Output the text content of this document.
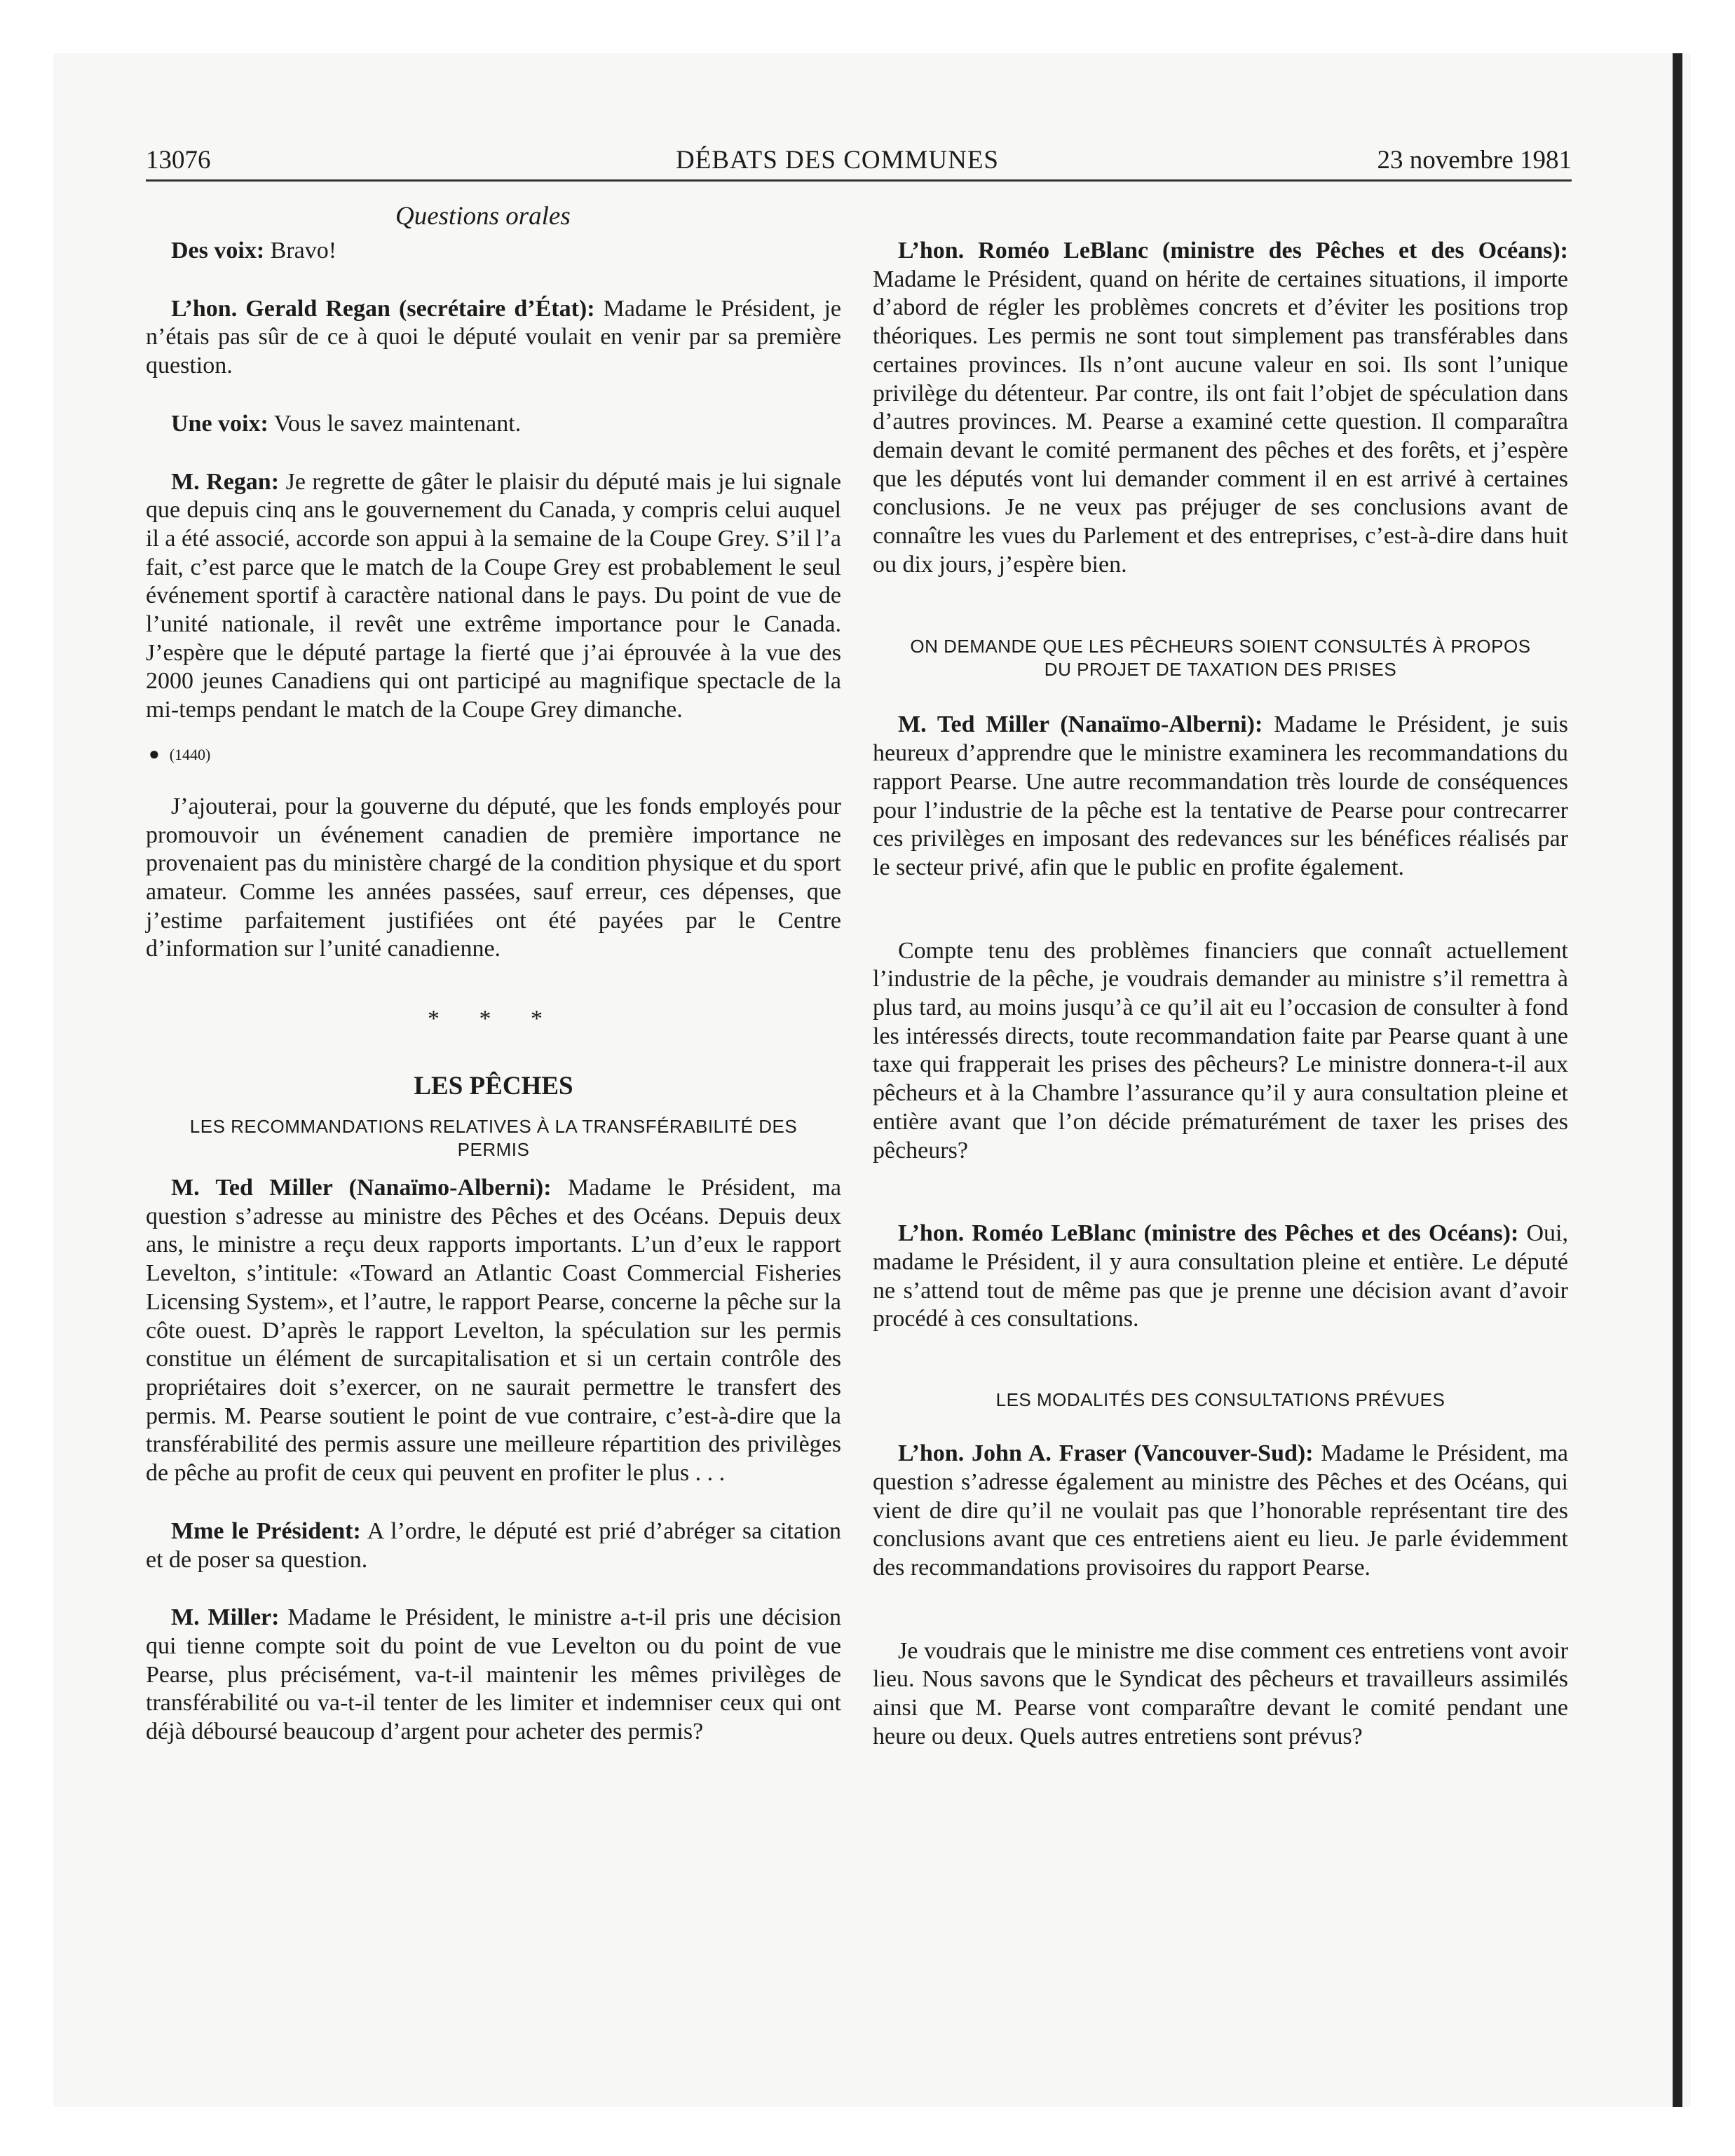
13076	DÉBATS DES COMMUNES	23 novembre 1981
Questions orales

Des voix: Bravo!

L’hon. Gerald Regan (secrétaire d’État): Madame le Président, je n’étais pas sûr de ce à quoi le député voulait en venir par sa première question.

Une voix: Vous le savez maintenant.

M. Regan: Je regrette de gâter le plaisir du député mais je lui signale que depuis cinq ans le gouvernement du Canada, y compris celui auquel il a été associé, accorde son appui à la semaine de la Coupe Grey. S’il l’a fait, c’est parce que le match de la Coupe Grey est probablement le seul événement sportif à caractère national dans le pays. Du point de vue de l’unité nationale, il revêt une extrême importance pour le Canada. J’espère que le député partage la fierté que j’ai éprouvée à la vue des 2000 jeunes Canadiens qui ont participé au magnifique spectacle de la mi-temps pendant le match de la Coupe Grey dimanche.

● (1440)

J’ajouterai, pour la gouverne du député, que les fonds employés pour promouvoir un événement canadien de première importance ne provenaient pas du ministère chargé de la condition physique et du sport amateur. Comme les années passées, sauf erreur, ces dépenses, que j’estime parfaitement justifiées ont été payées par le Centre d’information sur l’unité canadienne.

* * *

LES PÊCHES

LES RECOMMANDATIONS RELATIVES À LA TRANSFÉRABILITÉ DES PERMIS

M. Ted Miller (Nanaïmo-Alberni): Madame le Président, ma question s’adresse au ministre des Pêches et des Océans. Depuis deux ans, le ministre a reçu deux rapports importants. L’un d’eux le rapport Levelton, s’intitule: «Toward an Atlantic Coast Commercial Fisheries Licensing System», et l’autre, le rapport Pearse, concerne la pêche sur la côte ouest. D’après le rapport Levelton, la spéculation sur les permis constitue un élément de surcapitalisation et si un certain contrôle des propriétaires doit s’exercer, on ne saurait permettre le transfert des permis. M. Pearse soutient le point de vue contraire, c’est-à-dire que la transférabilité des permis assure une meilleure répartition des privilèges de pêche au profit de ceux qui peuvent en profiter le plus . . .

Mme le Président: A l’ordre, le député est prié d’abréger sa citation et de poser sa question.

M. Miller: Madame le Président, le ministre a-t-il pris une décision qui tienne compte soit du point de vue Levelton ou du point de vue Pearse, plus précisément, va-t-il maintenir les mêmes privilèges de transférabilité ou va-t-il tenter de les limiter et indemniser ceux qui ont déjà déboursé beaucoup d’argent pour acheter des permis?

L’hon. Roméo LeBlanc (ministre des Pêches et des Océans): Madame le Président, quand on hérite de certaines situations, il importe d’abord de régler les problèmes concrets et d’éviter les positions trop théoriques. Les permis ne sont tout simplement pas transférables dans certaines provinces. Ils n’ont aucune valeur en soi. Ils sont l’unique privilège du détenteur. Par contre, ils ont fait l’objet de spéculation dans d’autres provinces. M. Pearse a examiné cette question. Il comparaîtra demain devant le comité permanent des pêches et des forêts, et j’espère que les députés vont lui demander comment il en est arrivé à certaines conclusions. Je ne veux pas préjuger de ses conclusions avant de connaître les vues du Parlement et des entreprises, c’est-à-dire dans huit ou dix jours, j’espère bien.

ON DEMANDE QUE LES PÊCHEURS SOIENT CONSULTÉS À PROPOS DU PROJET DE TAXATION DES PRISES

M. Ted Miller (Nanaïmo-Alberni): Madame le Président, je suis heureux d’apprendre que le ministre examinera les recommandations du rapport Pearse. Une autre recommandation très lourde de conséquences pour l’industrie de la pêche est la tentative de Pearse pour contrecarrer ces privilèges en imposant des redevances sur les bénéfices réalisés par le secteur privé, afin que le public en profite également.

Compte tenu des problèmes financiers que connaît actuellement l’industrie de la pêche, je voudrais demander au ministre s’il remettra à plus tard, au moins jusqu’à ce qu’il ait eu l’occasion de consulter à fond les intéressés directs, toute recommandation faite par Pearse quant à une taxe qui frapperait les prises des pêcheurs? Le ministre donnera-t-il aux pêcheurs et à la Chambre l’assurance qu’il y aura consultation pleine et entière avant que l’on décide prématurément de taxer les prises des pêcheurs?

L’hon. Roméo LeBlanc (ministre des Pêches et des Océans): Oui, madame le Président, il y aura consultation pleine et entière. Le député ne s’attend tout de même pas que je prenne une décision avant d’avoir procédé à ces consultations.

LES MODALITÉS DES CONSULTATIONS PRÉVUES

L’hon. John A. Fraser (Vancouver-Sud): Madame le Président, ma question s’adresse également au ministre des Pêches et des Océans, qui vient de dire qu’il ne voulait pas que l’honorable représentant tire des conclusions avant que ces entretiens aient eu lieu. Je parle évidemment des recommandations provisoires du rapport Pearse.

Je voudrais que le ministre me dise comment ces entretiens vont avoir lieu. Nous savons que le Syndicat des pêcheurs et travailleurs assimilés ainsi que M. Pearse vont comparaître devant le comité pendant une heure ou deux. Quels autres entretiens sont prévus?
